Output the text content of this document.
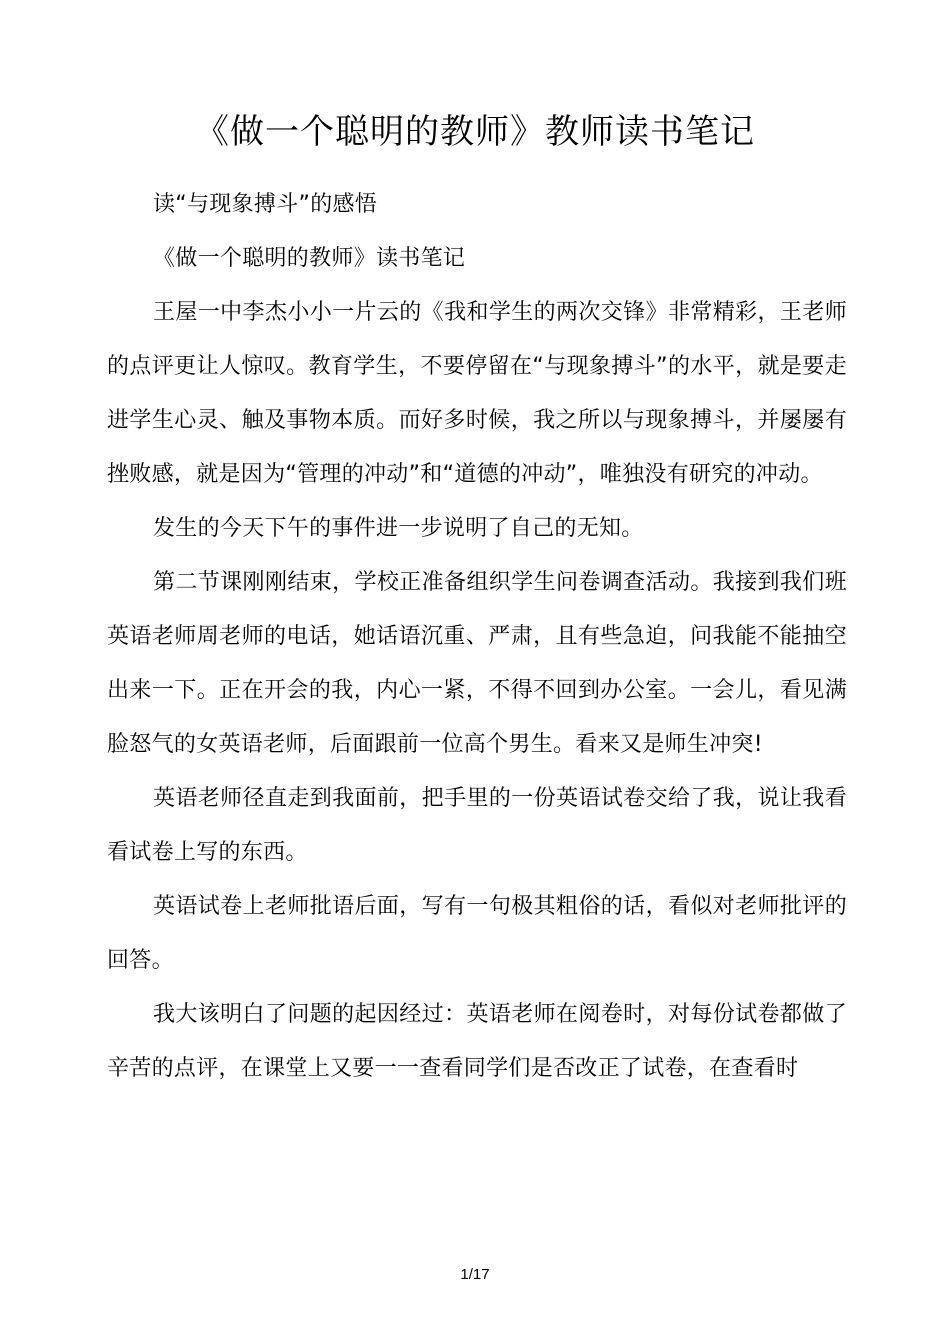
《做一个聪明的教师》教师读书笔记

读“与现象搏斗”的感悟

《做一个聪明的教师》读书笔记

王屋一中李杰小小一片云的《我和学生的两次交锋》非常精彩，王老师的点评更让人惊叹。教育学生，不要停留在“与现象搏斗”的水平，就是要走进学生心灵、触及事物本质。而好多时候，我之所以与现象搏斗，并屡屡有挫败感，就是因为“管理的冲动”和“道德的冲动”，唯独没有研究的冲动。

发生的今天下午的事件进一步说明了自己的无知。

第二节课刚刚结束，学校正准备组织学生问卷调查活动。我接到我们班英语老师周老师的电话，她话语沉重、严肃，且有些急迫，问我能不能抽空出来一下。正在开会的我，内心一紧，不得不回到办公室。一会儿，看见满脸怒气的女英语老师，后面跟前一位高个男生。看来又是师生冲突!

英语老师径直走到我面前，把手里的一份英语试卷交给了我，说让我看看试卷上写的东西。

英语试卷上老师批语后面，写有一句极其粗俗的话，看似对老师批评的回答。

我大该明白了问题的起因经过：英语老师在阅卷时，对每份试卷都做了辛苦的点评，在课堂上又要一一查看同学们是否改正了试卷，在查看时

1/17
